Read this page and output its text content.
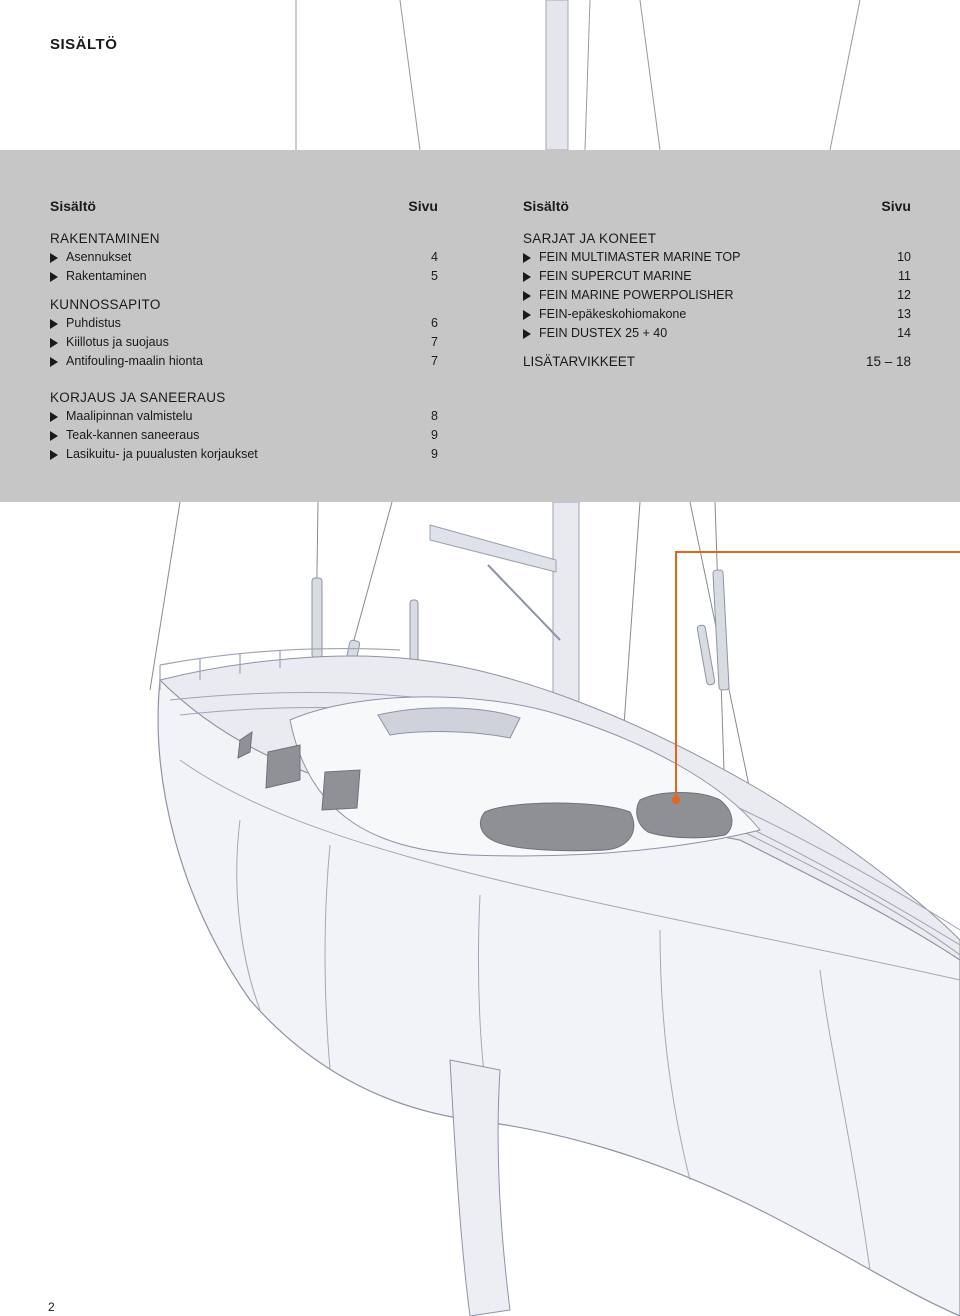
SISÄLTÖ
Sisältö	Sivu
RAKENTAMINEN
Asennukset	4
Rakentaminen	5
KUNNOSSAPITO
Puhdistus	6
Kiillotus ja suojaus	7
Antifouling-maalin hionta	7
KORJAUS JA SANEERAUS
Maalipinnan valmistelu	8
Teak-kannen saneeraus	9
Lasikuitu- ja puualusten korjaukset	9
Sisältö	Sivu
SARJAT JA KONEET
FEIN MULTIMASTER MARINE TOP	10
FEIN SUPERCUT MARINE	11
FEIN MARINE POWERPOLISHER	12
FEIN-epäkeskohiomakone	13
FEIN DUSTEX 25 + 40	14
LISÄTARVIKKEET	15 – 18
2
